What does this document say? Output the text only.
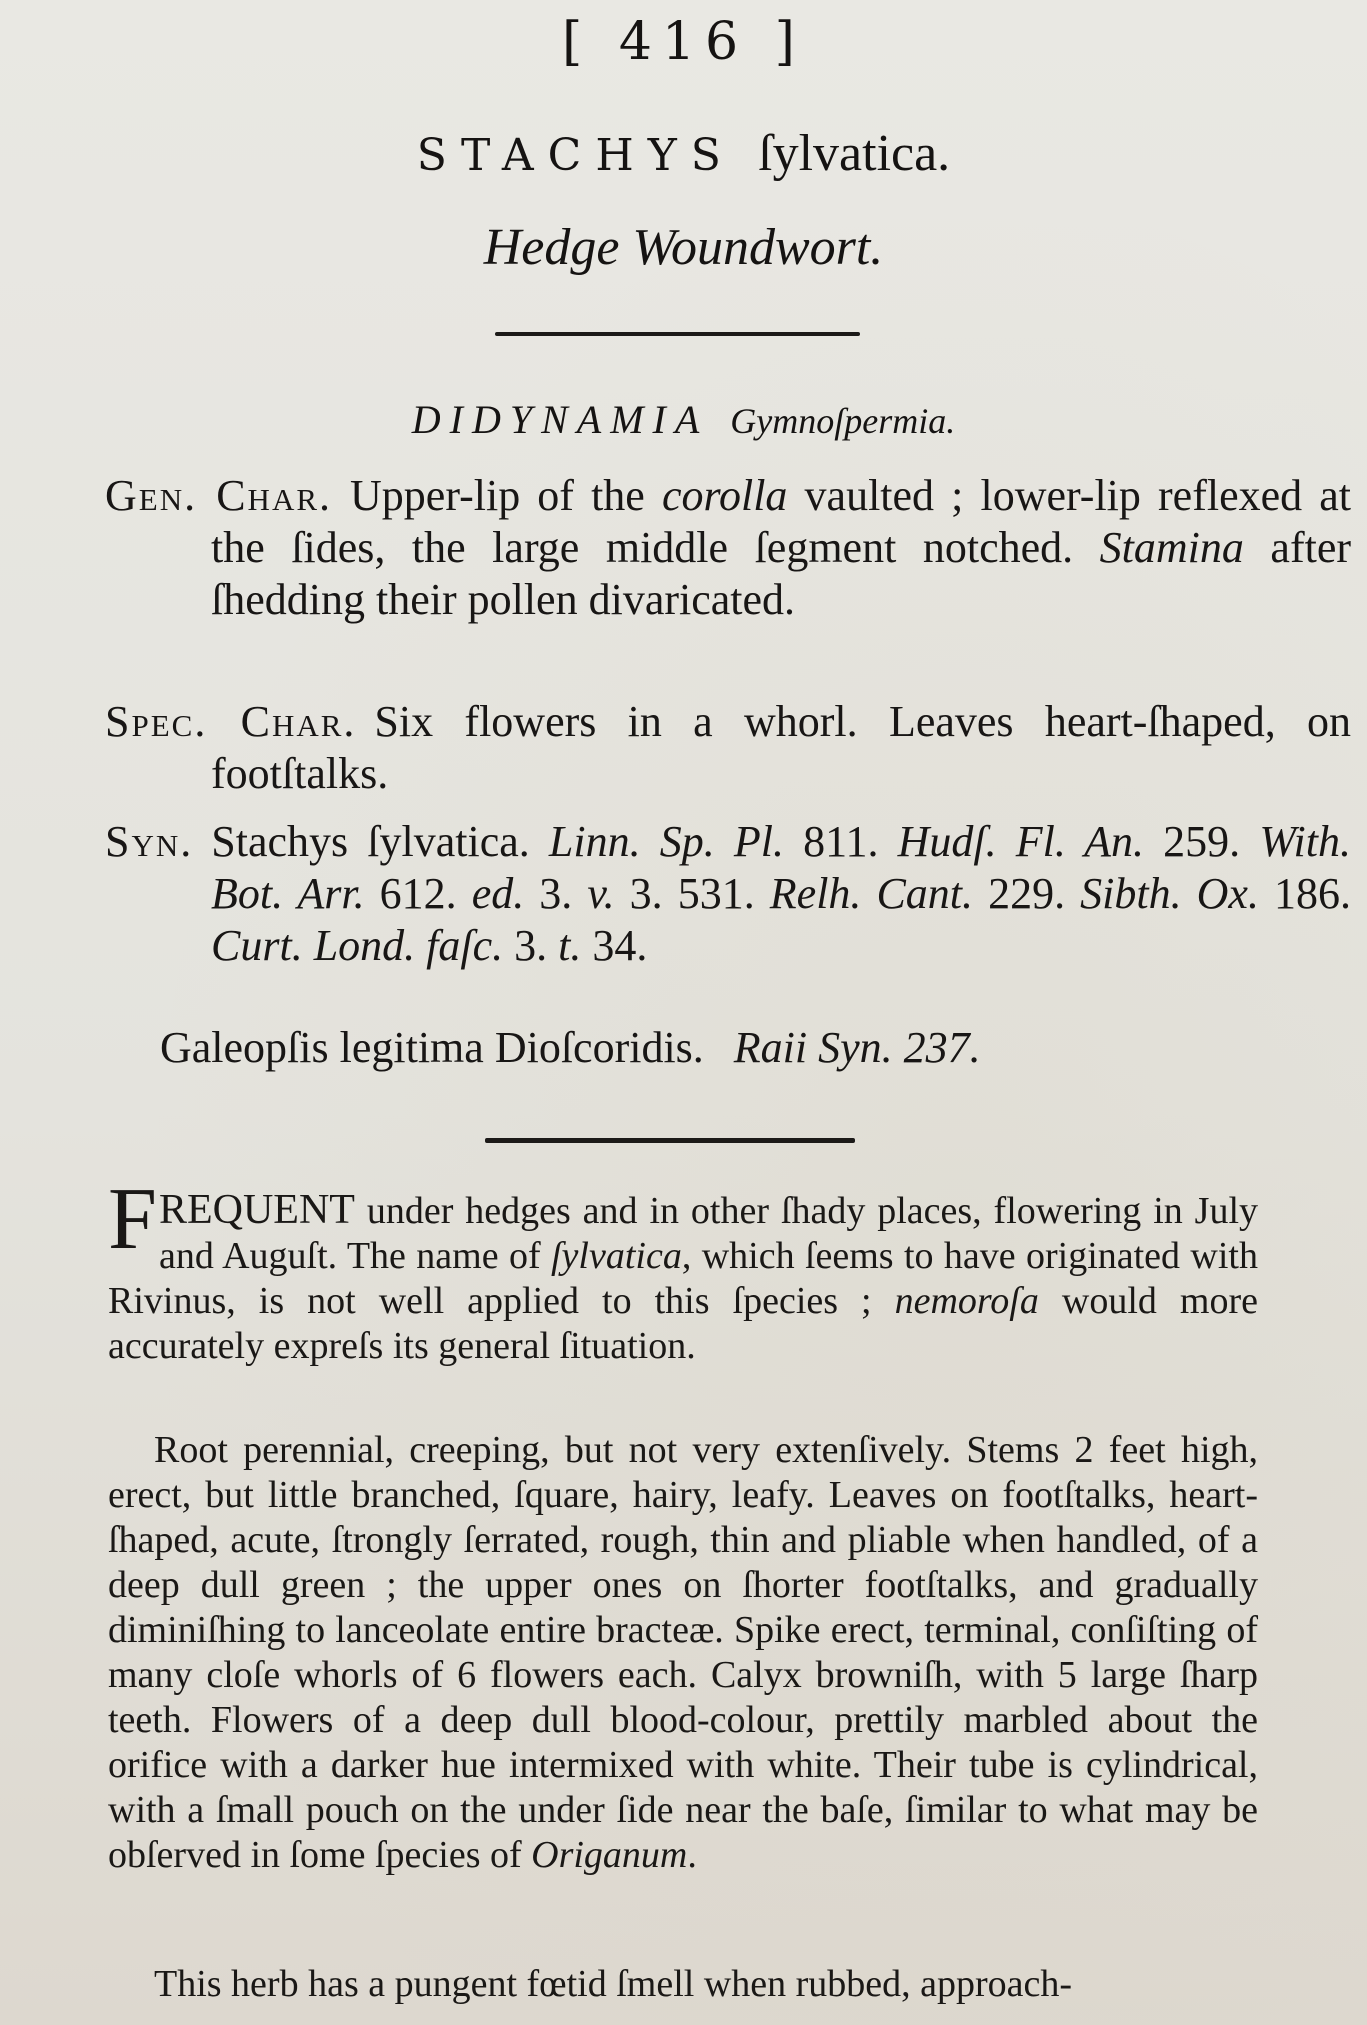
[ 416 ]
STACHYS ſylvatica.
Hedge Woundwort.
DIDYNAMIA Gymnoſpermia.
Gen. Char. Upper-lip of the corolla vaulted ; lower-lip reflexed at the ſides, the large middle ſegment notched. Stamina after ſhedding their pollen divaricated.
Spec. Char. Six flowers in a whorl. Leaves heart-ſhaped, on footſtalks.
Syn. Stachys ſylvatica. Linn. Sp. Pl. 811. Hudſ. Fl. An. 259. With. Bot. Arr. 612. ed. 3. v. 3. 531. Relh. Cant. 229. Sibth. Ox. 186. Curt. Lond. faſc. 3. t. 34.
Galeopſis legitima Dioſcoridis. Raii Syn. 237.
FREQUENT under hedges and in other ſhady places, flowering in July and Auguſt. The name of ſylvatica, which ſeems to have originated with Rivinus, is not well applied to this ſpecies ; nemoroſa would more accurately expreſs its general ſituation.
Root perennial, creeping, but not very extenſively. Stems 2 feet high, erect, but little branched, ſquare, hairy, leafy. Leaves on footſtalks, heart-ſhaped, acute, ſtrongly ſerrated, rough, thin and pliable when handled, of a deep dull green ; the upper ones on ſhorter footſtalks, and gradually diminiſhing to lanceolate entire bracteæ. Spike erect, terminal, conſiſting of many cloſe whorls of 6 flowers each. Calyx browniſh, with 5 large ſharp teeth. Flowers of a deep dull blood-colour, prettily marbled about the orifice with a darker hue intermixed with white. Their tube is cylindrical, with a ſmall pouch on the under ſide near the baſe, ſimilar to what may be obſerved in ſome ſpecies of Origanum.
This herb has a pungent fœtid ſmell when rubbed, approach-
